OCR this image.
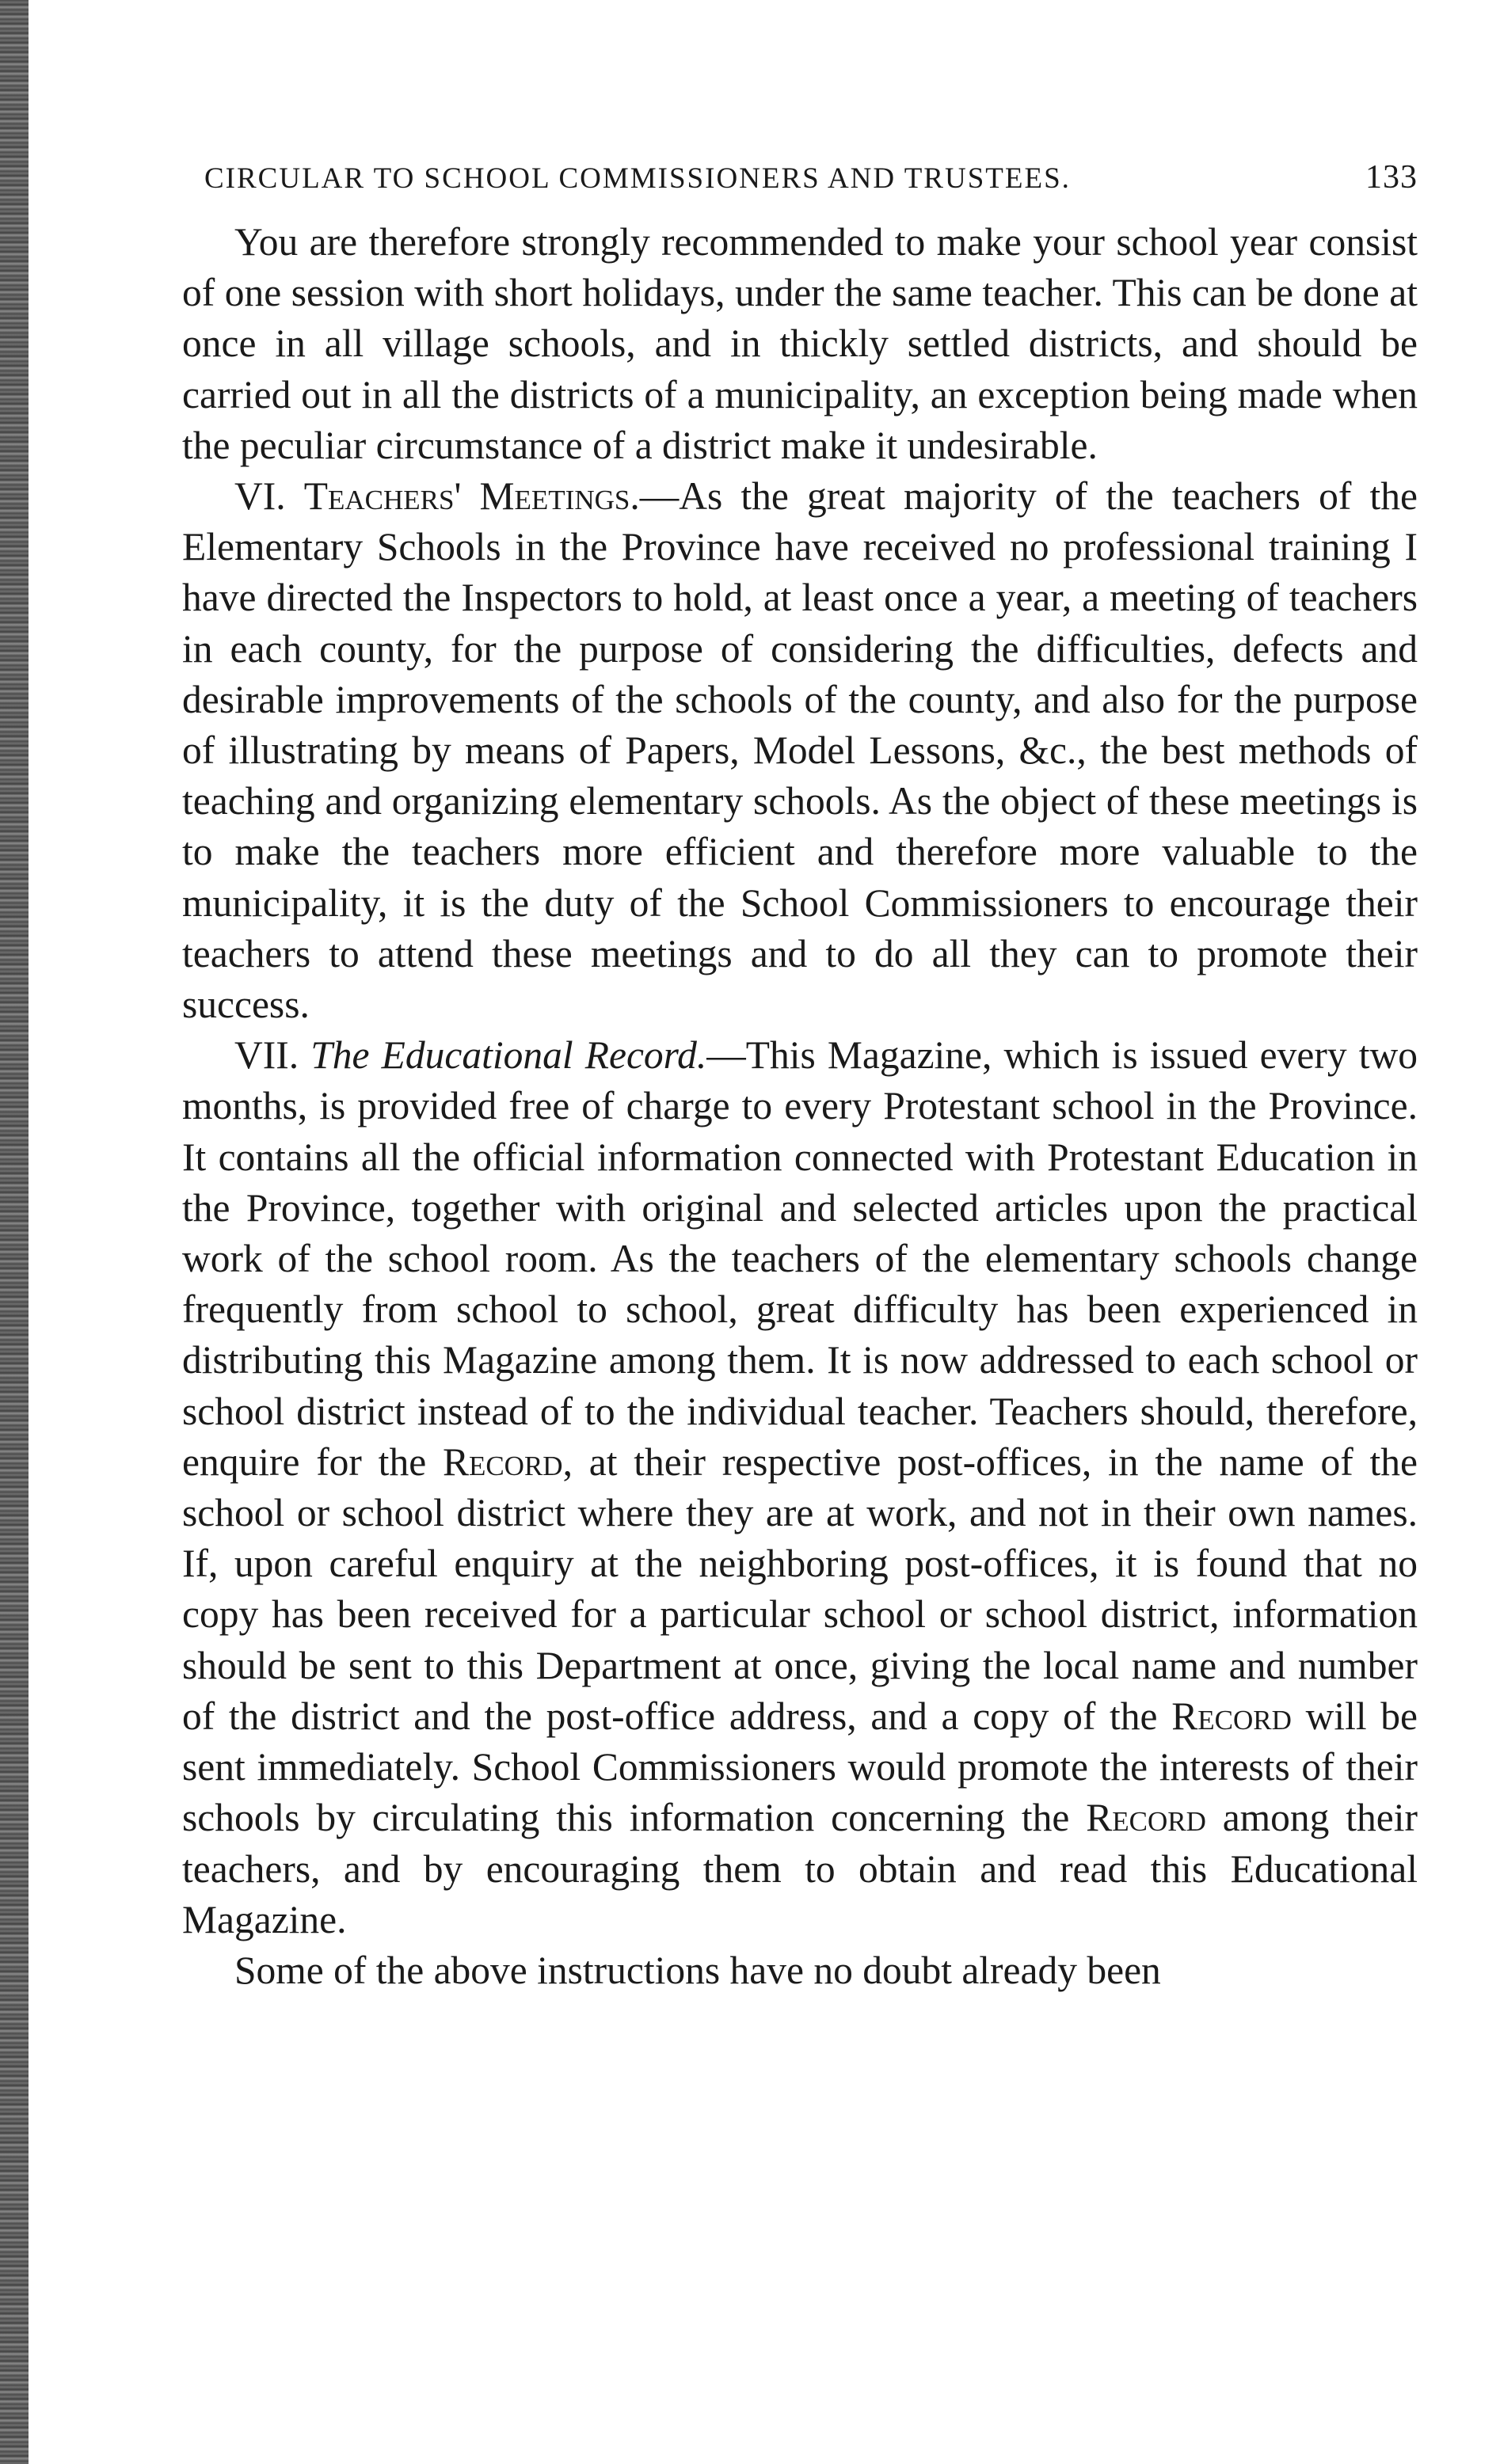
CIRCULAR TO SCHOOL COMMISSIONERS AND TRUSTEES.	133

You are therefore strongly recommended to make your school year consist of one session with short holidays, under the same teacher. This can be done at once in all village schools, and in thickly settled districts, and should be carried out in all the districts of a municipality, an exception being made when the peculiar circumstance of a district make it undesirable.

VI. Teachers' Meetings.—As the great majority of the teachers of the Elementary Schools in the Province have received no professional training I have directed the Inspectors to hold, at least once a year, a meeting of teachers in each county, for the purpose of considering the difficulties, defects and desirable improvements of the schools of the county, and also for the purpose of illustrating by means of Papers, Model Lessons, &c., the best methods of teaching and organizing elementary schools. As the object of these meetings is to make the teachers more efficient and therefore more valuable to the municipality, it is the duty of the School Commissioners to encourage their teachers to attend these meetings and to do all they can to promote their success.

VII. The Educational Record.—This Magazine, which is issued every two months, is provided free of charge to every Protestant school in the Province. It contains all the official information connected with Protestant Education in the Province, together with original and selected articles upon the practical work of the school room. As the teachers of the elementary schools change frequently from school to school, great difficulty has been experienced in distributing this Magazine among them. It is now addressed to each school or school district instead of to the individual teacher. Teachers should, therefore, enquire for the Record, at their respective post-offices, in the name of the school or school district where they are at work, and not in their own names. If, upon careful enquiry at the neighboring post-offices, it is found that no copy has been received for a particular school or school district, information should be sent to this Department at once, giving the local name and number of the district and the post-office address, and a copy of the Record will be sent immediately. School Commissioners would promote the interests of their schools by circulating this information concerning the Record among their teachers, and by encouraging them to obtain and read this Educational Magazine.

Some of the above instructions have no doubt already been
